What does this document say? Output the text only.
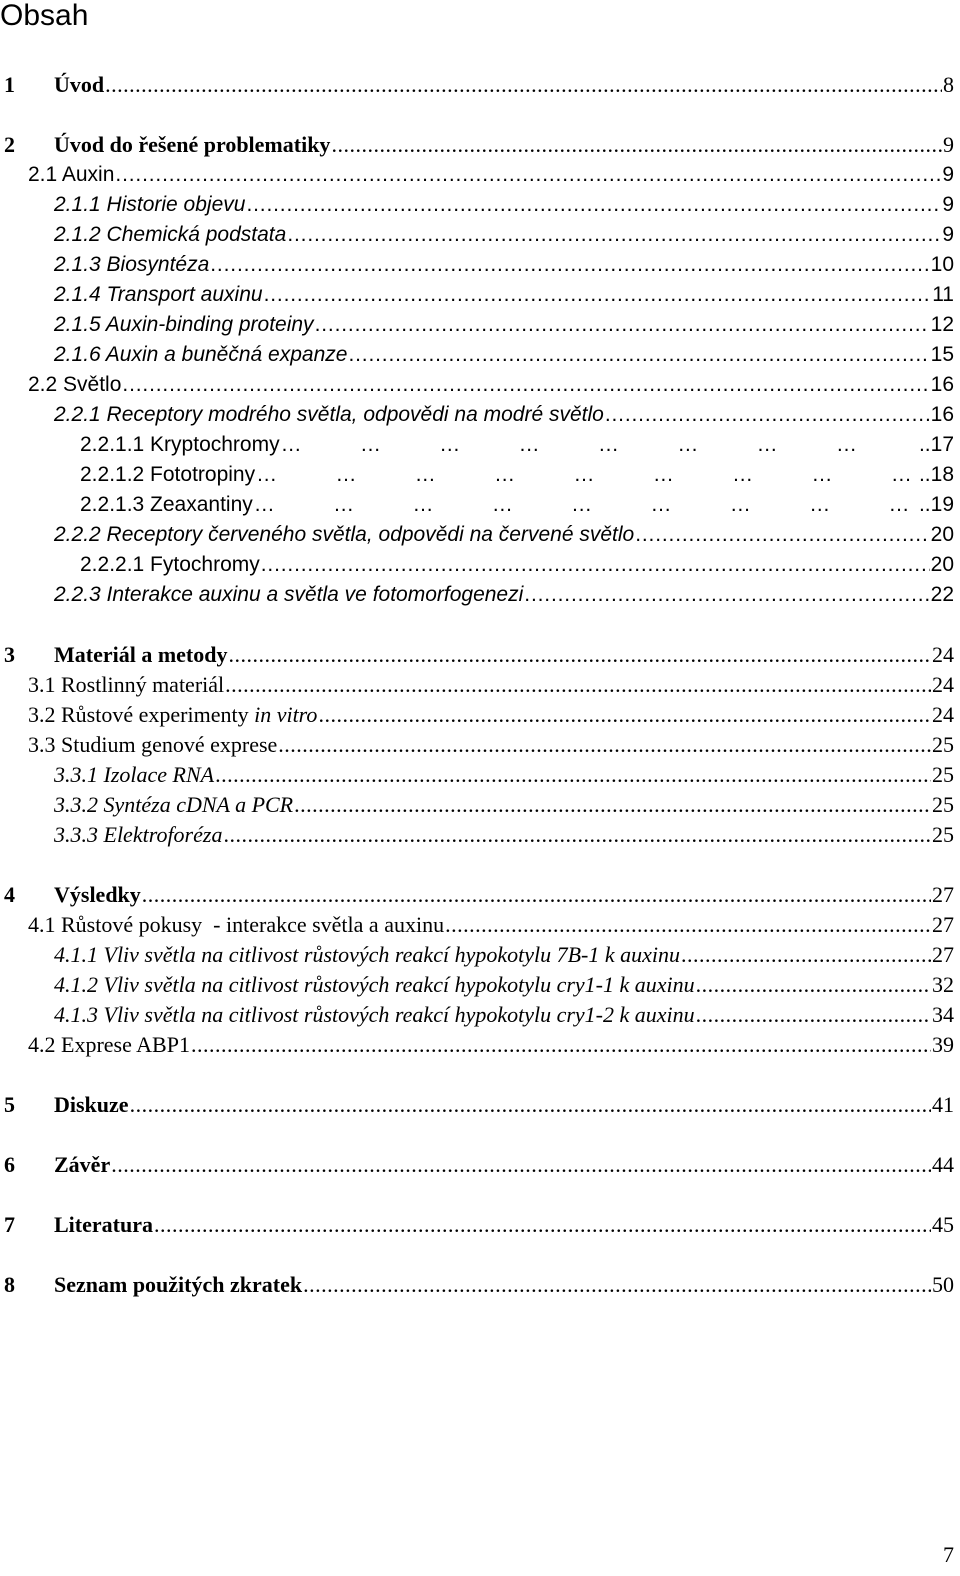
Obsah
1 Úvod . . .	8
2 Úvod do řešené problematiky . . .	9
2.1 Auxin . . .	9
2.1.1 Historie objevu . . .	9
2.1.2 Chemická podstata . . .	9
2.1.3 Biosyntéza . . .	10
2.1.4 Transport auxinu . . .	11
2.1.5 Auxin-binding proteiny . . .	12
2.1.6 Auxin a buněčná expanze . . .	15
2.2 Světlo . . .	16
2.2.1 Receptory modrého světla, odpovědi na modré světlo . . .	16
2.2.1.1 Kryptochromy … … … … … … … … … … … … … … …	..17
2.2.1.2 Fototropiny … … … … … … … … … … … … … … …	..18
2.2.1.3 Zeaxantiny … … … … … … … … … … … … … … …	..19
2.2.2 Receptory červeného světla, odpovědi na červené světlo . . .	20
2.2.2.1 Fytochromy . . .	20
2.2.3 Interakce auxinu a světla ve fotomorfogenezi . . .	22
3 Materiál a metody . . .	24
3.1 Rostlinný materiál . . .	24
3.2 Růstové experimenty in vitro . . .	24
3.3 Studium genové exprese . . .	25
3.3.1 Izolace RNA . . .	25
3.3.2 Syntéza cDNA a PCR . . .	25
3.3.3 Elektroforéza . . .	25
4 Výsledky . . .	27
4.1 Růstové pokusy  - interakce světla a auxinu . . .	27
4.1.1 Vliv světla na citlivost růstových reakcí hypokotylu 7B-1 k auxinu . . .	27
4.1.2 Vliv světla na citlivost růstových reakcí hypokotylu cry1-1 k auxinu . . .	32
4.1.3 Vliv světla na citlivost růstových reakcí hypokotylu cry1-2 k auxinu . . .	34
4.2 Exprese ABP1 . . .	39
5 Diskuze . . .	41
6 Závěr . . .	44
7 Literatura . . .	45
8 Seznam použitých zkratek . . .	50
7
